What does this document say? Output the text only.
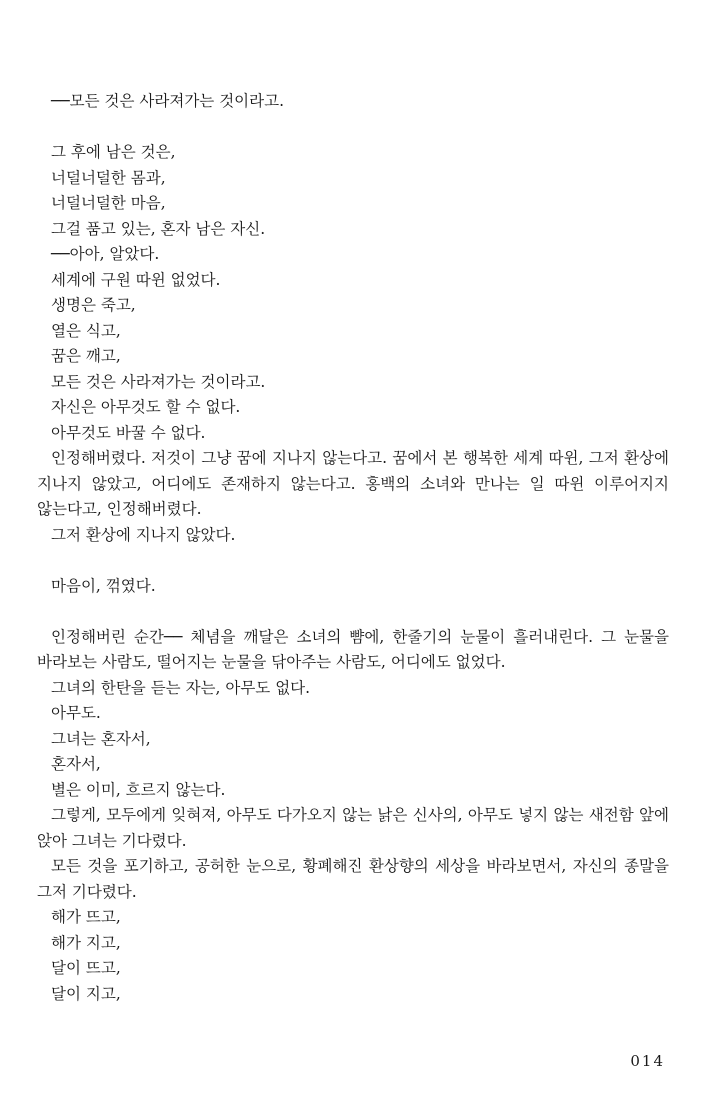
──모든 것은 사라져가는 것이라고.

그 후에 남은 것은,

너덜너덜한 몸과,

너덜너덜한 마음,

그걸 품고 있는, 혼자 남은 자신.

──아아, 알았다.

세계에 구원 따윈 없었다.

생명은 죽고,

열은 식고,

꿈은 깨고,

모든 것은 사라져가는 것이라고.

자신은 아무것도 할 수 없다.

아무것도 바꿀 수 없다.

인정해버렸다. 저것이 그냥 꿈에 지나지 않는다고. 꿈에서 본 행복한 세계 따윈, 그저 환상에 지나지 않았고, 어디에도 존재하지 않는다고. 홍백의 소녀와 만나는 일 따윈 이루어지지 않는다고, 인정해버렸다.

그저 환상에 지나지 않았다.

마음이, 꺾였다.

인정해버린 순간── 체념을 깨달은 소녀의 뺨에, 한줄기의 눈물이 흘러내린다. 그 눈물을 바라보는 사람도, 떨어지는 눈물을 닦아주는 사람도, 어디에도 없었다.

그녀의 한탄을 듣는 자는, 아무도 없다.

아무도.

그녀는 혼자서,

혼자서,

별은 이미, 흐르지 않는다.

그렇게, 모두에게 잊혀져, 아무도 다가오지 않는 낡은 신사의, 아무도 넣지 않는 새전함 앞에 앉아 그녀는 기다렸다.

모든 것을 포기하고, 공허한 눈으로, 황폐해진 환상향의 세상을 바라보면서, 자신의 종말을 그저 기다렸다.

해가 뜨고,

해가 지고,

달이 뜨고,

달이 지고,

014
